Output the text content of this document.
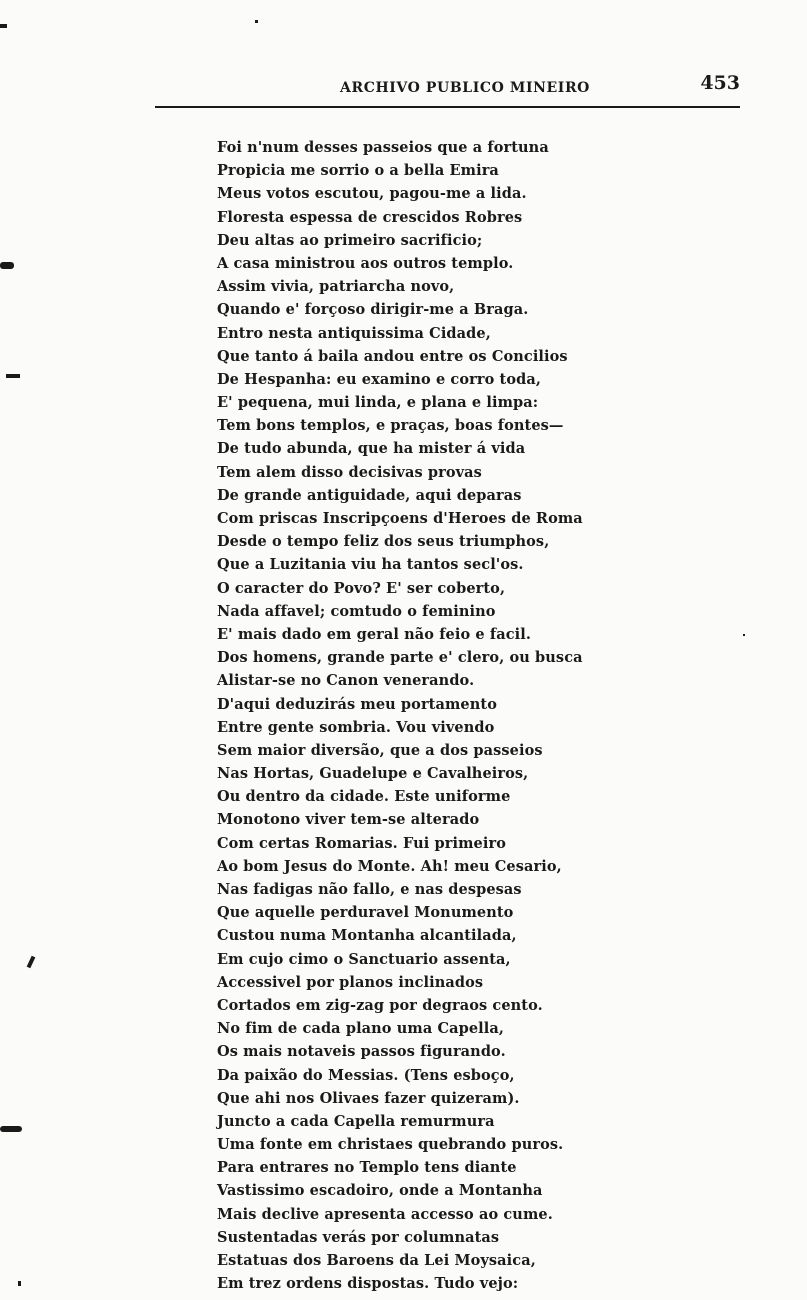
ARCHIVO PUBLICO MINEIRO	453
Foi n'num desses passeios que a fortuna
Propicia me sorrio o a bella Emira
Meus votos escutou, pagou-me a lida.
Floresta espessa de crescidos Robres
Deu altas ao primeiro sacrificio;
A casa ministrou aos outros templo.
Assim vivia, patriarcha novo,
Quando e' forçoso dirigir-me a Braga.
Entro nesta antiquissima Cidade,
Que tanto á baila andou entre os Concilios
De Hespanha: eu examino e corro toda,
E' pequena, mui linda, e plana e limpa:
Tem bons templos, e praças, boas fontes—
De tudo abunda, que ha mister á vida
Tem alem disso decisivas provas
De grande antiguidade, aqui deparas
Com priscas Inscripçoens d'Heroes de Roma
Desde o tempo feliz dos seus triumphos,
Que a Luzitania viu ha tantos secl'os.
O caracter do Povo? E' ser coberto,
Nada affavel; comtudo o feminino
E' mais dado em geral não feio e facil.
Dos homens, grande parte e' clero, ou busca
Alistar-se no Canon venerando.
D'aqui deduzirás meu portamento
Entre gente sombria. Vou vivendo
Sem maior diversão, que a dos passeios
Nas Hortas, Guadelupe e Cavalheiros,
Ou dentro da cidade. Este uniforme
Monotono viver tem-se alterado
Com certas Romarias. Fui primeiro
Ao bom Jesus do Monte. Ah! meu Cesario,
Nas fadigas não fallo, e nas despesas
Que aquelle perduravel Monumento
Custou numa Montanha alcantilada,
Em cujo cimo o Sanctuario assenta,
Accessivel por planos inclinados
Cortados em zig-zag por degraos cento.
No fim de cada plano uma Capella,
Os mais notaveis passos figurando.
Da paixão do Messias. (Tens esboço,
Que ahi nos Olivaes fazer quizeram).
Juncto a cada Capella remurmura
Uma fonte em christaes quebrando puros.
Para entrares no Templo tens diante
Vastissimo escadoiro, onde a Montanha
Mais declive apresenta accesso ao cume.
Sustentadas verás por columnatas
Estatuas dos Baroens da Lei Moysaica,
Em trez ordens dispostas. Tudo vejo:
